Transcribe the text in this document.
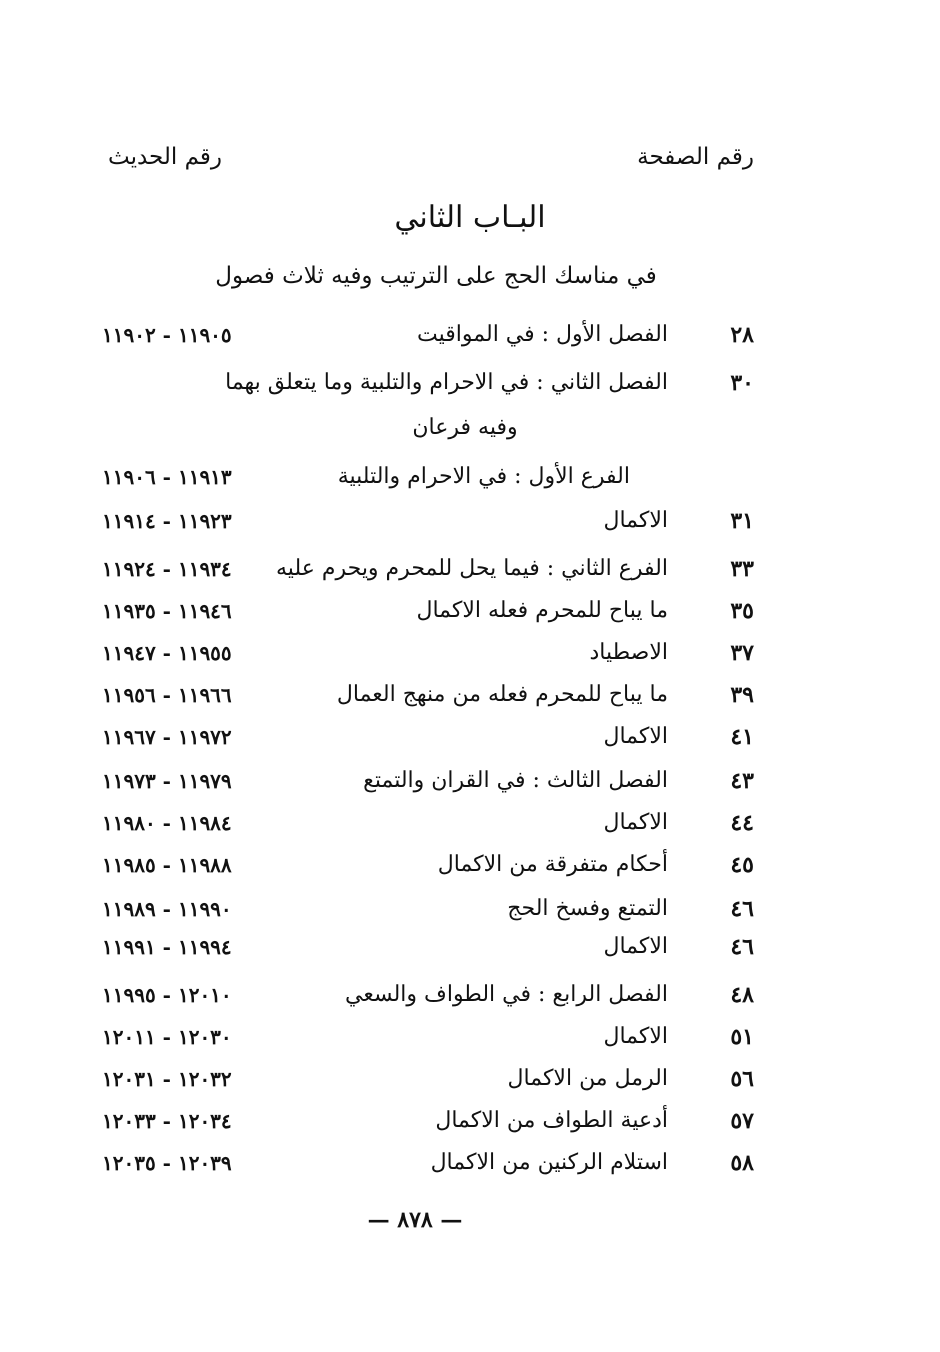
رقم الصفحة
رقم الحديث
البـاب الثاني
في مناسك الحج على الترتيب وفيه ثلاث فصول
٢٨
الفصل الأول : في المواقيت
١١٩٠٥ - ١١٩٠٢
٣٠
الفصل الثاني : في الاحرام والتلبية وما يتعلق بهما
وفيه فرعان
الفرع الأول : في الاحرام والتلبية
١١٩١٣ - ١١٩٠٦
٣١
الاكمال
١١٩٢٣ - ١١٩١٤
٣٣
الفرع الثاني : فيما يحل للمحرم ويحرم عليه
١١٩٣٤ - ١١٩٢٤
٣٥
ما يباح للمحرم فعله الاكمال
١١٩٤٦ - ١١٩٣٥
٣٧
الاصطياد
١١٩٥٥ - ١١٩٤٧
٣٩
ما يباح للمحرم فعله من منهج العمال
١١٩٦٦ - ١١٩٥٦
٤١
الاكمال
١١٩٧٢ - ١١٩٦٧
٤٣
الفصل الثالث : في القران والتمتع
١١٩٧٩ - ١١٩٧٣
٤٤
الاكمال
١١٩٨٤ - ١١٩٨٠
٤٥
أحكام متفرقة من الاكمال
١١٩٨٨ - ١١٩٨٥
٤٦
التمتع وفسخ الحج
١١٩٩٠ - ١١٩٨٩
٤٦
الاكمال
١١٩٩٤ - ١١٩٩١
٤٨
الفصل الرابع : في الطواف والسعي
١٢٠١٠ - ١١٩٩٥
٥١
الاكمال
١٢٠٣٠ - ١٢٠١١
٥٦
الرمل من الاكمال
١٢٠٣٢ - ١٢٠٣١
٥٧
أدعية الطواف من الاكمال
١٢٠٣٤ - ١٢٠٣٣
٥٨
استلام الركنين من الاكمال
١٢٠٣٩ - ١٢٠٣٥
— ٨٧٨ —
